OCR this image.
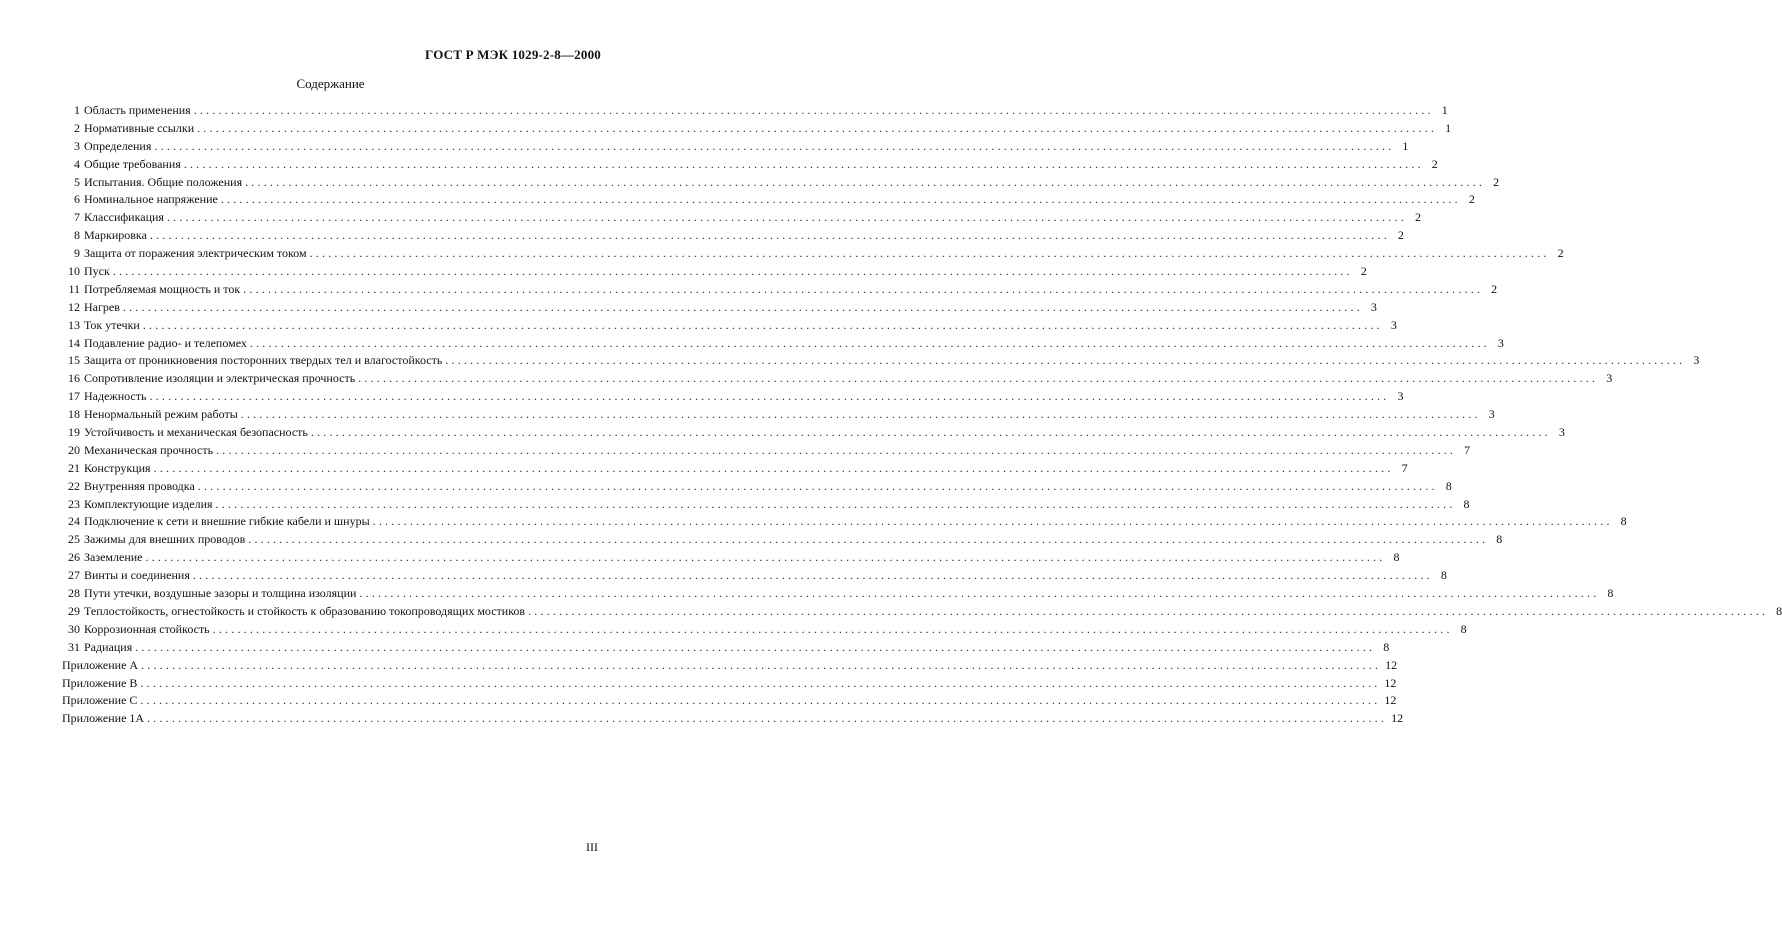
ГОСТ Р МЭК 1029-2-8—2000
Содержание
1 Область применения ........................................................................................................................................................................................................ 1
2 Нормативные ссылки ........................................................................................................................................................................................................ 1
3 Определения ........................................................................................................................................................................................................ 1
4 Общие требования ........................................................................................................................................................................................................ 2
5 Испытания. Общие положения ........................................................................................................................................................................................................ 2
6 Номинальное напряжение ........................................................................................................................................................................................................ 2
7 Классификация ........................................................................................................................................................................................................ 2
8 Маркировка ........................................................................................................................................................................................................ 2
9 Защита от поражения электрическим током ........................................................................................................................................................................................................ 2
10 Пуск ........................................................................................................................................................................................................ 2
11 Потребляемая мощность и ток ........................................................................................................................................................................................................ 2
12 Нагрев ........................................................................................................................................................................................................ 3
13 Ток утечки ........................................................................................................................................................................................................ 3
14 Подавление радио- и телепомех ........................................................................................................................................................................................................ 3
15 Защита от проникновения посторонних твердых тел и влагостойкость ........................................................................................................................................................................................................ 3
16 Сопротивление изоляции и электрическая прочность ........................................................................................................................................................................................................ 3
17 Надежность ........................................................................................................................................................................................................ 3
18 Ненормальный режим работы ........................................................................................................................................................................................................ 3
19 Устойчивость и механическая безопасность ........................................................................................................................................................................................................ 3
20 Механическая прочность ........................................................................................................................................................................................................ 7
21 Конструкция ........................................................................................................................................................................................................ 7
22 Внутренняя проводка ........................................................................................................................................................................................................ 8
23 Комплектующие изделия ........................................................................................................................................................................................................ 8
24 Подключение к сети и внешние гибкие кабели и шнуры ........................................................................................................................................................................................................ 8
25 Зажимы для внешних проводов ........................................................................................................................................................................................................ 8
26 Заземление ........................................................................................................................................................................................................ 8
27 Винты и соединения ........................................................................................................................................................................................................ 8
28 Пути утечки, воздушные зазоры и толщина изоляции ........................................................................................................................................................................................................ 8
29 Теплостойкость, огнестойкость и стойкость к образованию токопроводящих мостиков ........................................................................................................................................................................................................ 8
30 Коррозионная стойкость ........................................................................................................................................................................................................ 8
31 Радиация ........................................................................................................................................................................................................ 8
Приложение А ........................................................................................................................................................................................................ 12
Приложение В ........................................................................................................................................................................................................ 12
Приложение С ........................................................................................................................................................................................................ 12
Приложение 1А ........................................................................................................................................................................................................ 12
III
